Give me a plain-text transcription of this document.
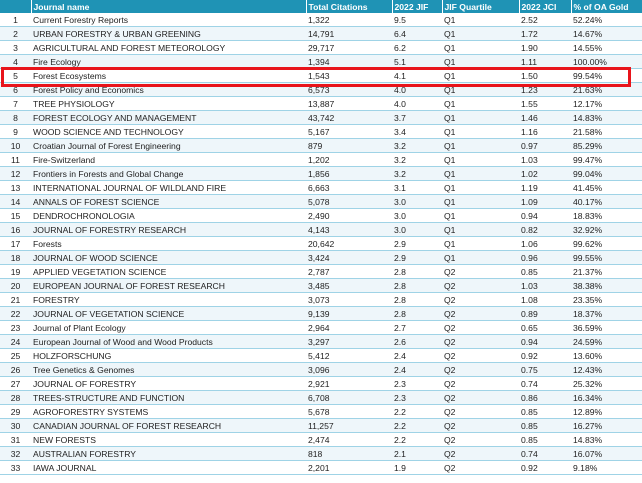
	Journal name	Total Citations	2022 JIF	JIF Quartile	2022 JCI	% of OA Gold
1	Current Forestry Reports	1,322	9.5	Q1	2.52	52.24%
2	URBAN FORESTRY & URBAN GREENING	14,791	6.4	Q1	1.72	14.67%
3	AGRICULTURAL AND FOREST METEOROLOGY	29,717	6.2	Q1	1.90	14.55%
4	Fire Ecology	1,394	5.1	Q1	1.11	100.00%
5	Forest Ecosystems	1,543	4.1	Q1	1.50	99.54%
6	Forest Policy and Economics	6,573	4.0	Q1	1.23	21.63%
7	TREE PHYSIOLOGY	13,887	4.0	Q1	1.55	12.17%
8	FOREST ECOLOGY AND MANAGEMENT	43,742	3.7	Q1	1.46	14.83%
9	WOOD SCIENCE AND TECHNOLOGY	5,167	3.4	Q1	1.16	21.58%
10	Croatian Journal of Forest Engineering	879	3.2	Q1	0.97	85.29%
11	Fire-Switzerland	1,202	3.2	Q1	1.03	99.47%
12	Frontiers in Forests and Global Change	1,856	3.2	Q1	1.02	99.04%
13	INTERNATIONAL JOURNAL OF WILDLAND FIRE	6,663	3.1	Q1	1.19	41.45%
14	ANNALS OF FOREST SCIENCE	5,078	3.0	Q1	1.09	40.17%
15	DENDROCHRONOLOGIA	2,490	3.0	Q1	0.94	18.83%
16	JOURNAL OF FORESTRY RESEARCH	4,143	3.0	Q1	0.82	32.92%
17	Forests	20,642	2.9	Q1	1.06	99.62%
18	JOURNAL OF WOOD SCIENCE	3,424	2.9	Q1	0.96	99.55%
19	APPLIED VEGETATION SCIENCE	2,787	2.8	Q2	0.85	21.37%
20	EUROPEAN JOURNAL OF FOREST RESEARCH	3,485	2.8	Q2	1.03	38.38%
21	FORESTRY	3,073	2.8	Q2	1.08	23.35%
22	JOURNAL OF VEGETATION SCIENCE	9,139	2.8	Q2	0.89	18.37%
23	Journal of Plant Ecology	2,964	2.7	Q2	0.65	36.59%
24	European Journal of Wood and Wood Products	3,297	2.6	Q2	0.94	24.59%
25	HOLZFORSCHUNG	5,412	2.4	Q2	0.92	13.60%
26	Tree Genetics & Genomes	3,096	2.4	Q2	0.75	12.43%
27	JOURNAL OF FORESTRY	2,921	2.3	Q2	0.74	25.32%
28	TREES-STRUCTURE AND FUNCTION	6,708	2.3	Q2	0.86	16.34%
29	AGROFORESTRY SYSTEMS	5,678	2.2	Q2	0.85	12.89%
30	CANADIAN JOURNAL OF FOREST RESEARCH	11,257	2.2	Q2	0.85	16.27%
31	NEW FORESTS	2,474	2.2	Q2	0.85	14.83%
32	AUSTRALIAN FORESTRY	818	2.1	Q2	0.74	16.07%
33	IAWA JOURNAL	2,201	1.9	Q2	0.92	9.18%
